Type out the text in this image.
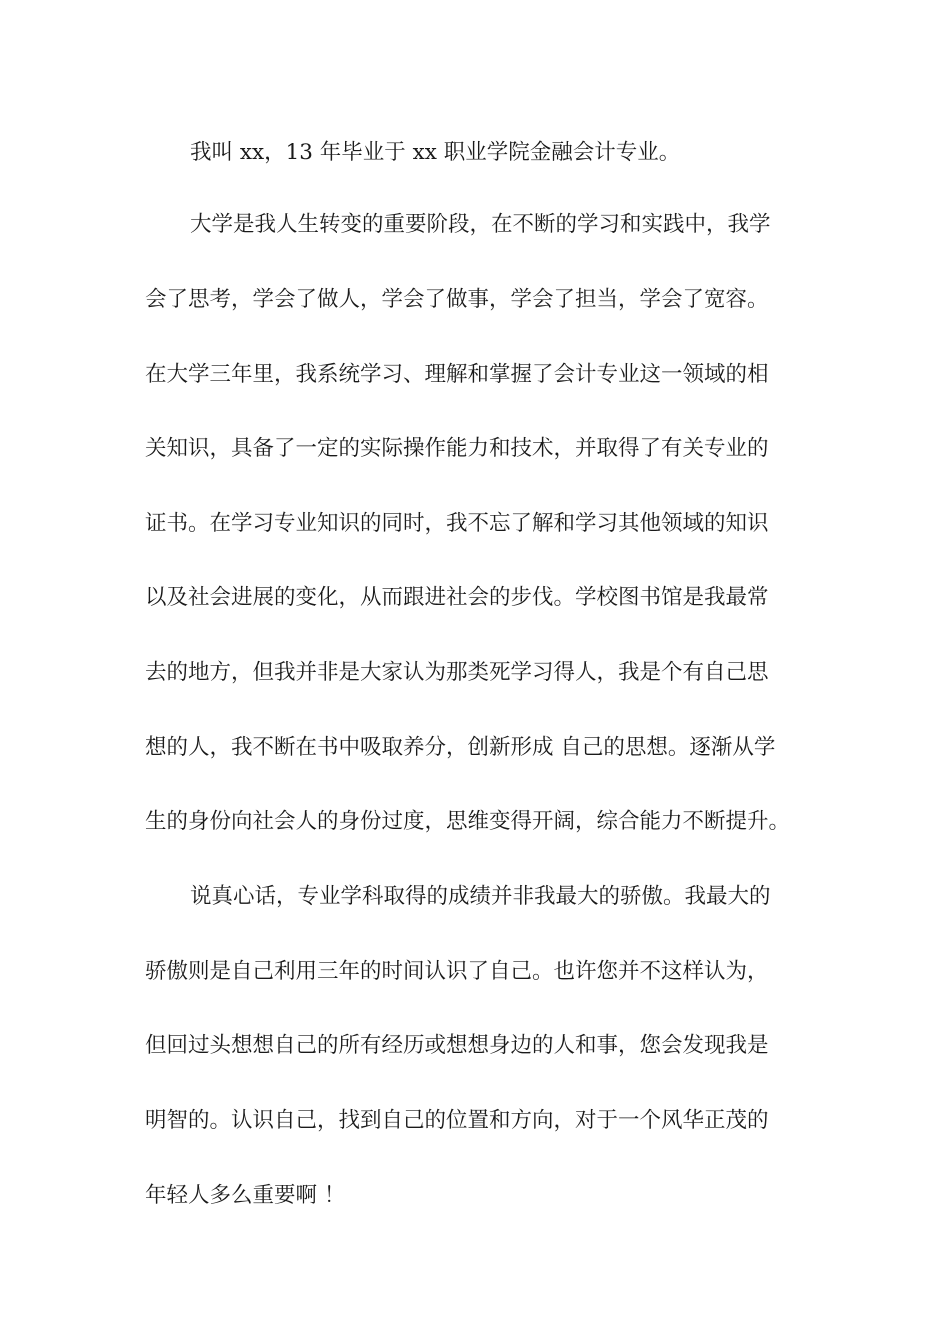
我叫 xx，13 年毕业于 xx 职业学院金融会计专业。
大学是我人生转变的重要阶段，在不断的学习和实践中，我学
会了思考，学会了做人，学会了做事，学会了担当，学会了宽容。
在大学三年里，我系统学习、理解和掌握了会计专业这一领域的相
关知识，具备了一定的实际操作能力和技术，并取得了有关专业的
证书。在学习专业知识的同时，我不忘了解和学习其他领域的知识
以及社会进展的变化，从而跟进社会的步伐。学校图书馆是我最常
去的地方，但我并非是大家认为那类死学习得人，我是个有自己思
想的人，我不断在书中吸取养分，创新形成 自己的思想。逐渐从学
生的身份向社会人的身份过度，思维变得开阔，综合能力不断提升。
说真心话，专业学科取得的成绩并非我最大的骄傲。我最大的
骄傲则是自己利用三年的时间认识了自己。也许您并不这样认为，
但回过头想想自己的所有经历或想想身边的人和事，您会发现我是
明智的。认识自己，找到自己的位置和方向，对于一个风华正茂的
年轻人多么重要啊 ！
